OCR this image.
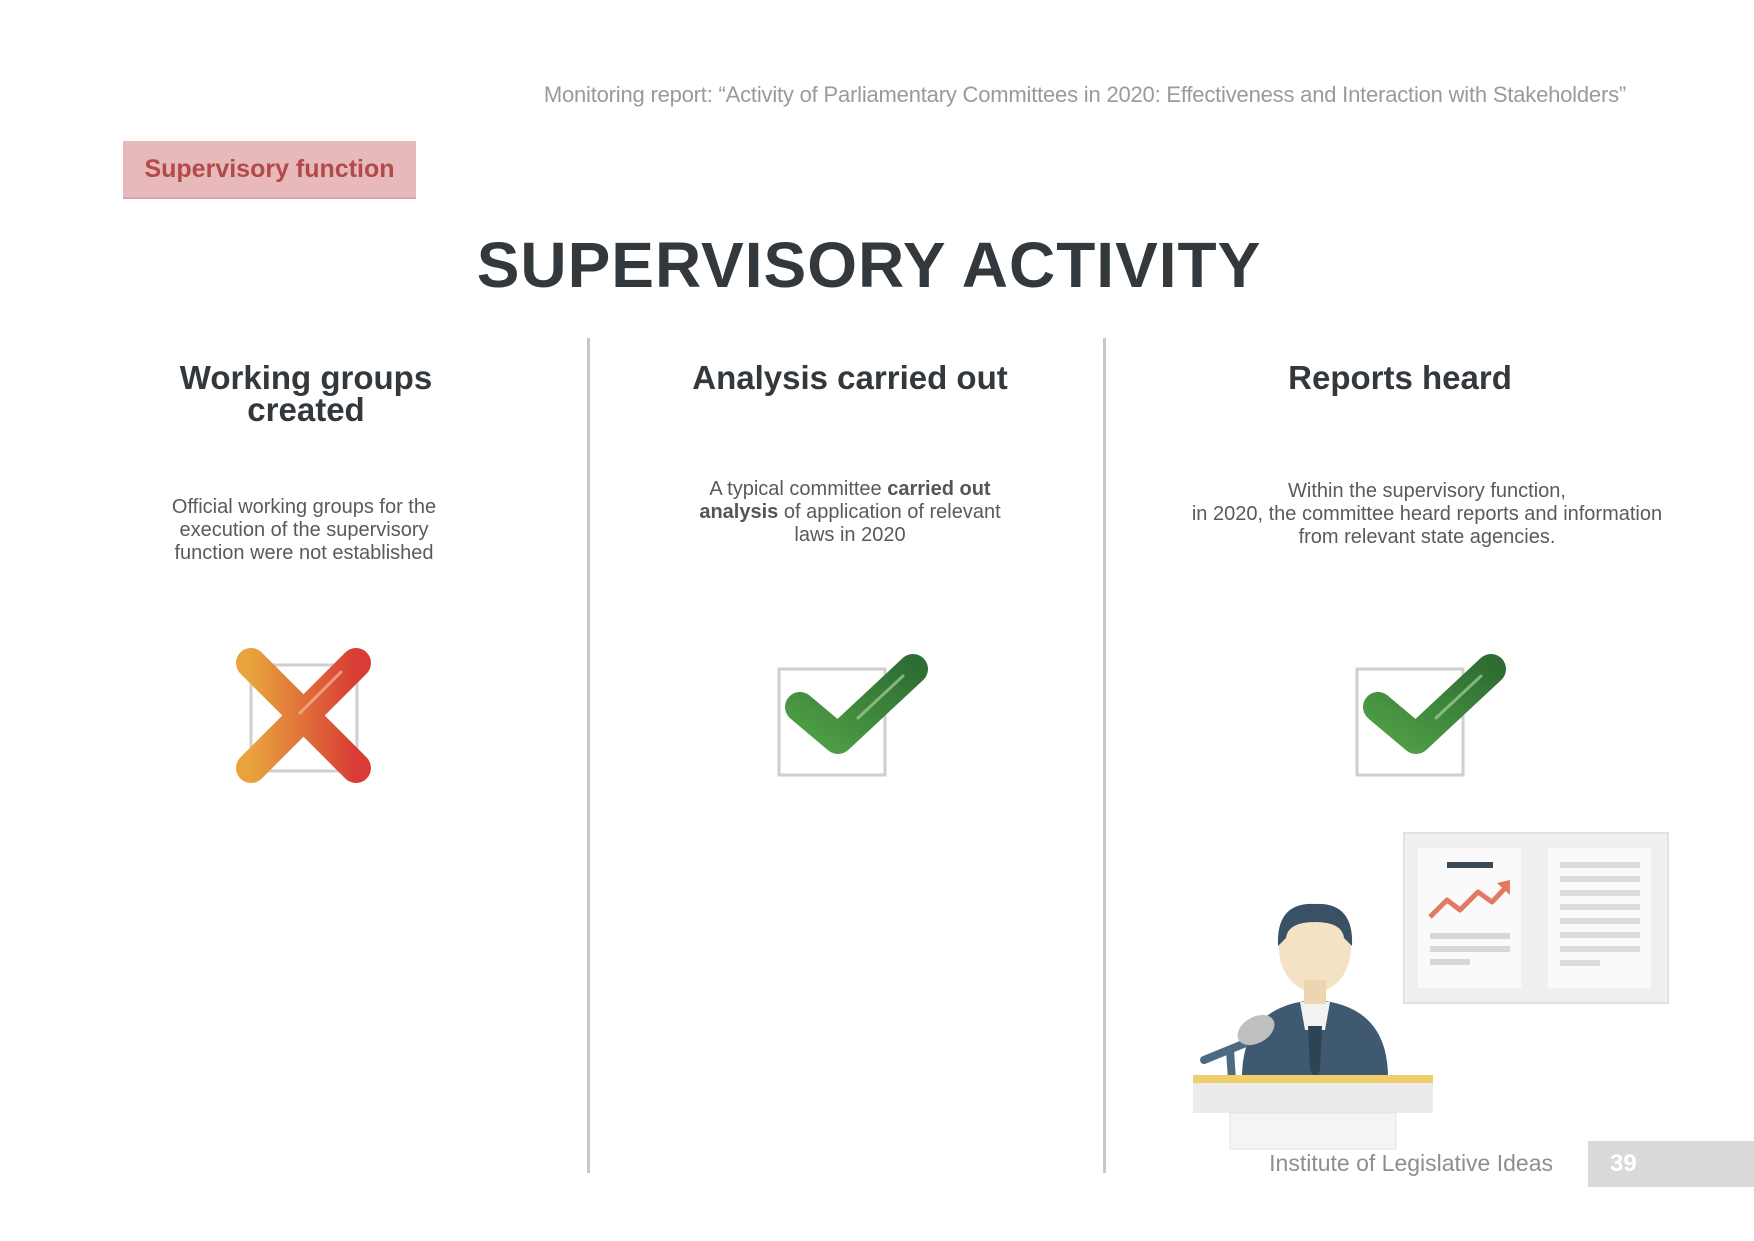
Monitoring report: “Activity of Parliamentary Committees in 2020: Effectiveness and Interaction with Stakeholders”
Supervisory function
SUPERVISORY ACTIVITY
Working groups created
Official working groups for the execution of the supervisory function were not established
Analysis carried out
A typical committee carried out analysis of application of relevant laws in 2020
Reports heard
Within the supervisory function,
in 2020, the committee heard reports and information
from relevant state agencies.
Institute of Legislative Ideas	39
